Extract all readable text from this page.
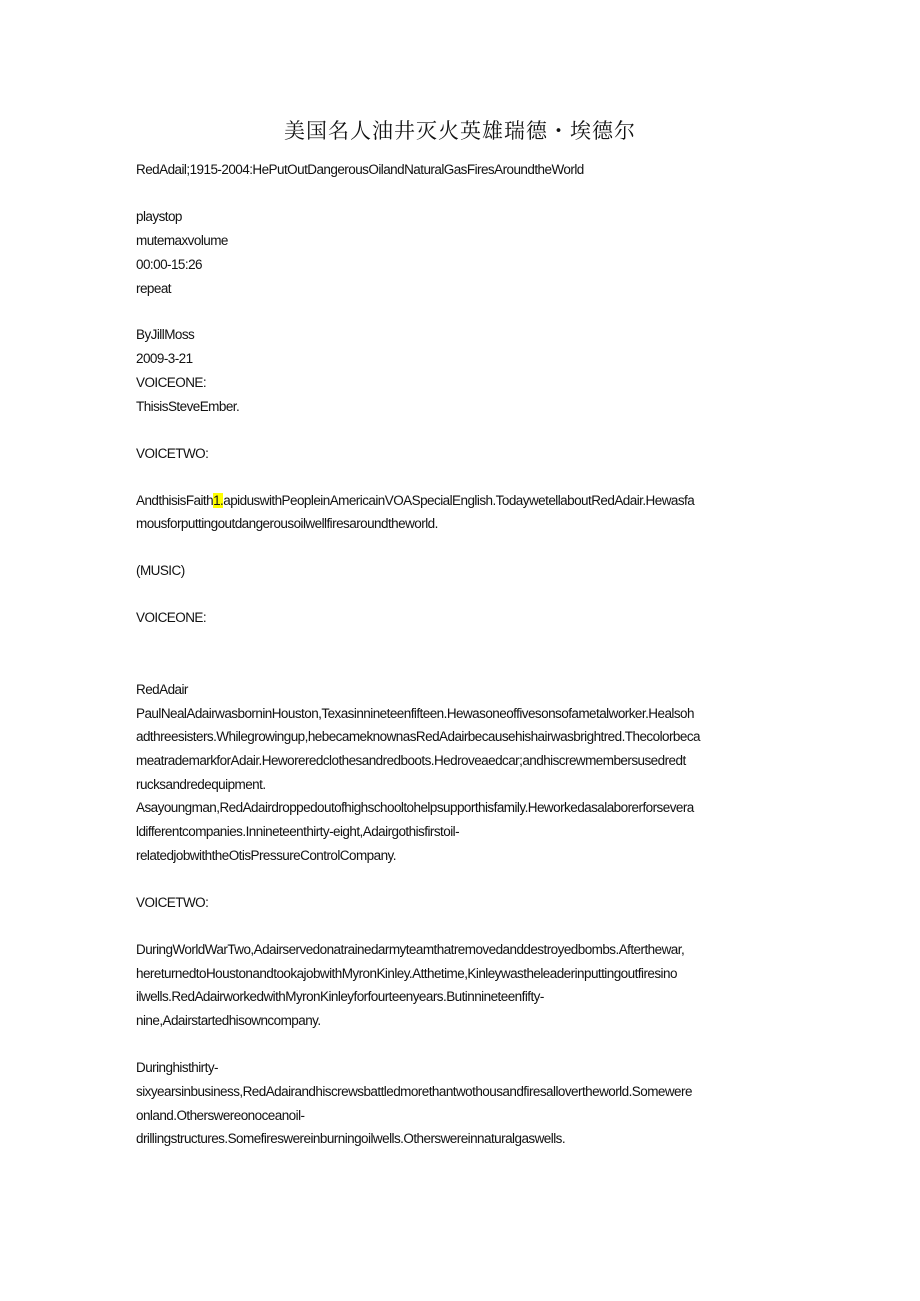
美国名人油井灭火英雄瑞德・埃德尔
RedAdail;1915-2004:HePutOutDangerousOilandNaturalGasFiresAroundtheWorld
playstop
mutemaxvolume
00:00-15:26
repeat
ByJillMoss
2009-3-21
VOICEONE:
ThisisSteveEmber.
VOICETWO:
AndthisisFaith1.apiduswithPeopleinAmericainVOASpecialEnglish.TodaywetellaboutRedAdair.Hewasfa
mousforputtingoutdangerousoilwellfiresaroundtheworld.
(MUSIC)
VOICEONE:
RedAdair
PaulNealAdairwasborninHouston,Texasinnineteenfifteen.Hewasoneoffivesonsofametalworker.Healsoh
adthreesisters.Whilegrowingup,hebecameknownasRedAdairbecausehishairwasbrightred.Thecolorbeca
meatrademarkforAdair.Heworeredclothesandredboots.Hedroveaedcar;andhiscrewmembersusedredt
rucksandredequipment.
Asayoungman,RedAdairdroppedoutofhighschooltohelpsupporthisfamily.Heworkedasalaborerforsevera
ldifferentcompanies.Innineteenthirty-eight,Adairgothisfirstoil-
relatedjobwiththeOtisPressureControlCompany.
VOICETWO:
DuringWorldWarTwo,Adairservedonatrainedarmyteamthatremovedanddestroyedbombs.Afterthewar,
hereturnedtoHoustonandtookajobwithMyronKinley.Atthetime,Kinleywastheleaderinputtingoutfiresino
ilwells.RedAdairworkedwithMyronKinleyforfourteenyears.Butinnineteenfifty-
nine,Adairstartedhisowncompany.
Duringhisthirty-
sixyearsinbusiness,RedAdairandhiscrewsbattledmorethantwothousandfiresallovertheworld.Somewere
onland.Otherswereonoceanoil-
drillingstructures.Somefireswereinburningoilwells.Otherswereinnaturalgaswells.
